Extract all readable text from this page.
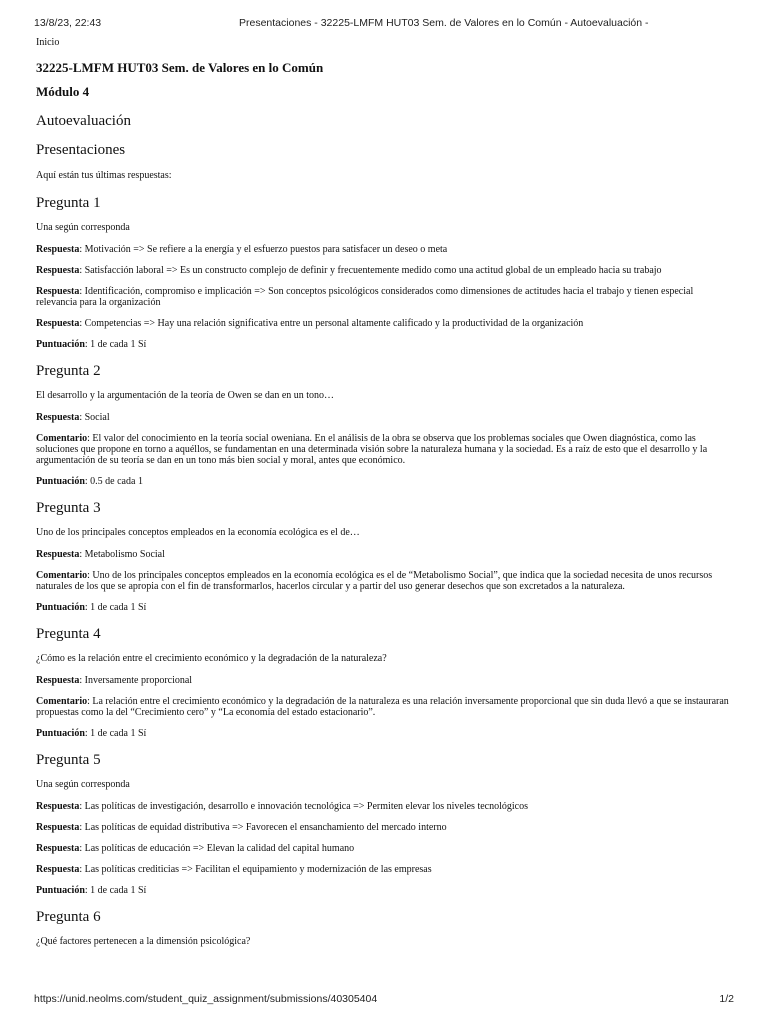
13/8/23, 22:43	Presentaciones - 32225-LMFM HUT03 Sem. de Valores en lo Común - Autoevaluación -
Inicio
32225-LMFM HUT03 Sem. de Valores en lo Común
Módulo 4
Autoevaluación
Presentaciones
Aquí están tus últimas respuestas:
Pregunta 1
Una según corresponda
Respuesta: Motivación => Se refiere a la energía y el esfuerzo puestos para satisfacer un deseo o meta
Respuesta: Satisfacción laboral => Es un constructo complejo de definir y frecuentemente medido como una actitud global de un empleado hacia su trabajo
Respuesta: Identificación, compromiso e implicación => Son conceptos psicológicos considerados como dimensiones de actitudes hacia el trabajo y tienen especial relevancia para la organización
Respuesta: Competencias => Hay una relación significativa entre un personal altamente calificado y la productividad de la organización
Puntuación: 1 de cada 1 Sí
Pregunta 2
El desarrollo y la argumentación de la teoría de Owen se dan en un tono…
Respuesta: Social
Comentario: El valor del conocimiento en la teoría social oweniana. En el análisis de la obra se observa que los problemas sociales que Owen diagnóstica, como las soluciones que propone en torno a aquéllos, se fundamentan en una determinada visión sobre la naturaleza humana y la sociedad. Es a raíz de esto que el desarrollo y la argumentación de su teoría se dan en un tono más bien social y moral, antes que económico.
Puntuación: 0.5 de cada 1
Pregunta 3
Uno de los principales conceptos empleados en la economía ecológica es el de…
Respuesta: Metabolismo Social
Comentario: Uno de los principales conceptos empleados en la economía ecológica es el de “Metabolismo Social”, que indica que la sociedad necesita de unos recursos naturales de los que se apropia con el fin de transformarlos, hacerlos circular y a partir del uso generar desechos que son excretados a la naturaleza.
Puntuación: 1 de cada 1 Sí
Pregunta 4
¿Cómo es la relación entre el crecimiento económico y la degradación de la naturaleza?
Respuesta: Inversamente proporcional
Comentario: La relación entre el crecimiento económico y la degradación de la naturaleza es una relación inversamente proporcional que sin duda llevó a que se instauraran propuestas como la del “Crecimiento cero” y “La economía del estado estacionario”.
Puntuación: 1 de cada 1 Sí
Pregunta 5
Una según corresponda
Respuesta: Las políticas de investigación, desarrollo e innovación tecnológica => Permiten elevar los niveles tecnológicos
Respuesta: Las políticas de equidad distributiva => Favorecen el ensanchamiento del mercado interno
Respuesta: Las políticas de educación => Elevan la calidad del capital humano
Respuesta: Las políticas crediticias => Facilitan el equipamiento y modernización de las empresas
Puntuación: 1 de cada 1 Sí
Pregunta 6
¿Qué factores pertenecen a la dimensión psicológica?
https://unid.neolms.com/student_quiz_assignment/submissions/40305404	1/2
